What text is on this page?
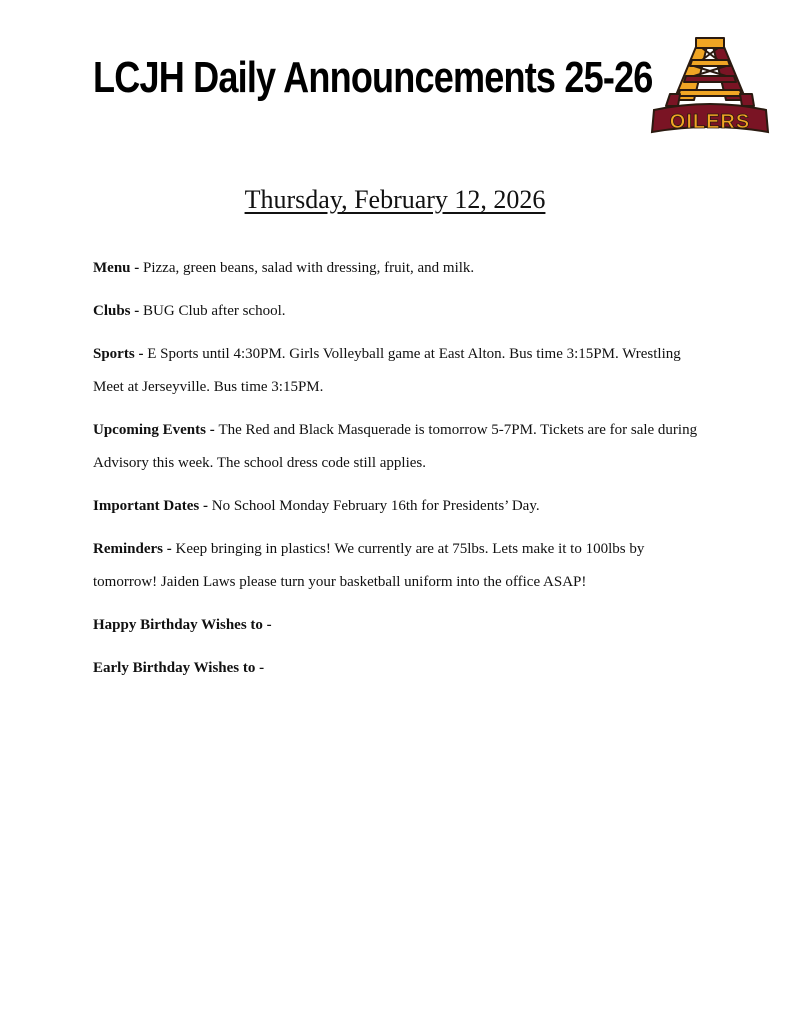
LCJH Daily Announcements 25-26
OILERS
Thursday, February 12, 2026

Menu - Pizza, green beans, salad with dressing, fruit, and milk.

Clubs - BUG Club after school.

Sports - E Sports until 4:30PM. Girls Volleyball game at East Alton. Bus time 3:15PM. Wrestling Meet at Jerseyville. Bus time 3:15PM.

Upcoming Events - The Red and Black Masquerade is tomorrow 5-7PM. Tickets are for sale during Advisory this week. The school dress code still applies.

Important Dates - No School Monday February 16th for Presidents’ Day.

Reminders - Keep bringing in plastics! We currently are at 75lbs. Lets make it to 100lbs by tomorrow! Jaiden Laws please turn your basketball uniform into the office ASAP!

Happy Birthday Wishes to -

Early Birthday Wishes to -
